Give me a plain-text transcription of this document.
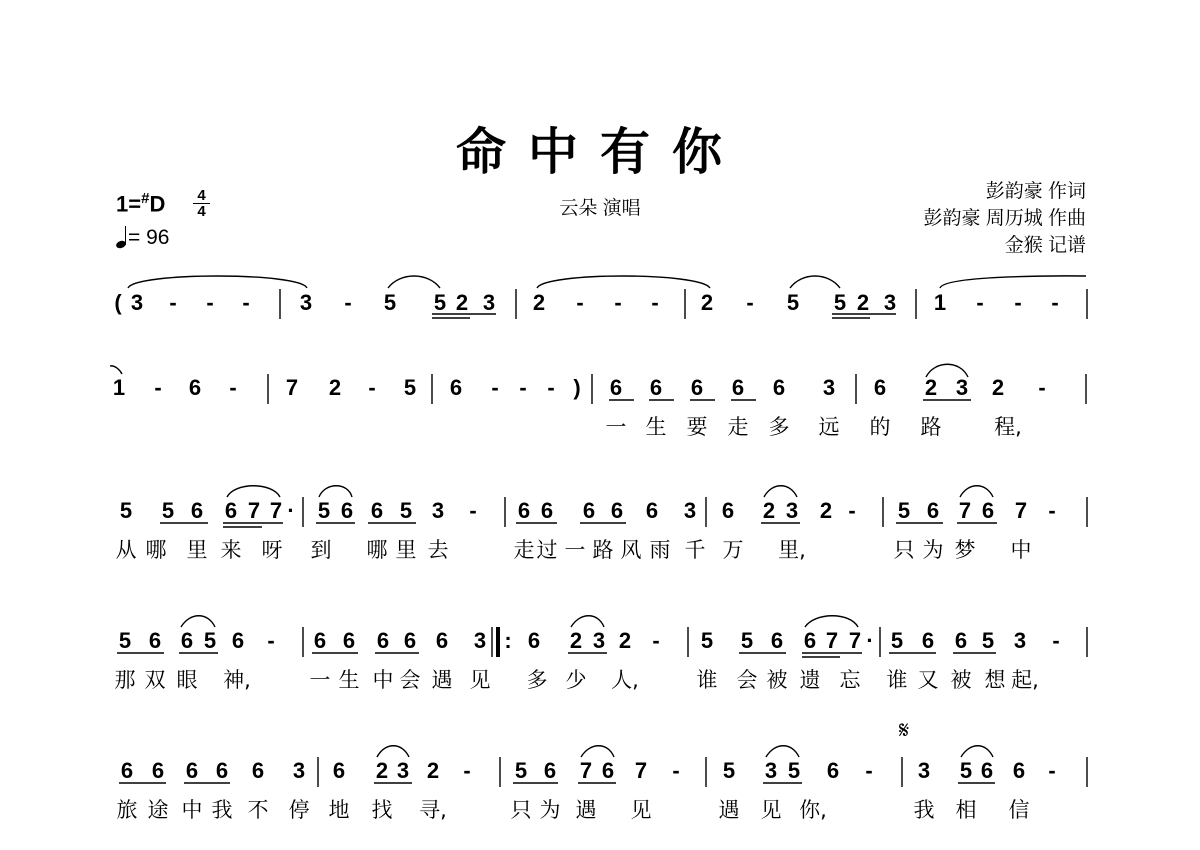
命中有你
云朵 演唱
彭韵豪 作词
彭韵豪 周历城 作曲
金猴 记谱
1=#D 4
4
= 96
( 3 - - - 3 - 5 5 2 3 2 - - - 2 - 5 5 2 3 1 - - -
1 - 6 - 7 2 - 5 6 - - - ) 6 6 6 6 6 3 6 2 3 2 -
5 5 6 6 7 7 · 5 6 6 5 3 - 6 6 6 6 6 3 6 2 3 2 - 5 6 7 6 7 -
5 6 6 5 6 - 6 6 6 6 6 3 : 6 2 3 2 - 5 5 6 6 7 7 · 5 6 6 5 3 -
6 6 6 6 6 3 6 2 3 2 - 5 6 7 6 7 - 5 3 5 6 - 3 5 6 6 -
一 生 要 走 多 远 的 路	程,
从 哪 里 来 呀 到 哪 里 去	走 过 一 路 风 雨 千 万 里,	只 为 梦 中
那 双 眼 神,	一 生 中 会 遇 见 多 少 人,	谁 会 被 遗 忘 谁 又 被 想 起,
旅 途 中 我 不 停 地 找 寻,	只 为 遇 见	遇 见 你,	我 相 信
𝄋
